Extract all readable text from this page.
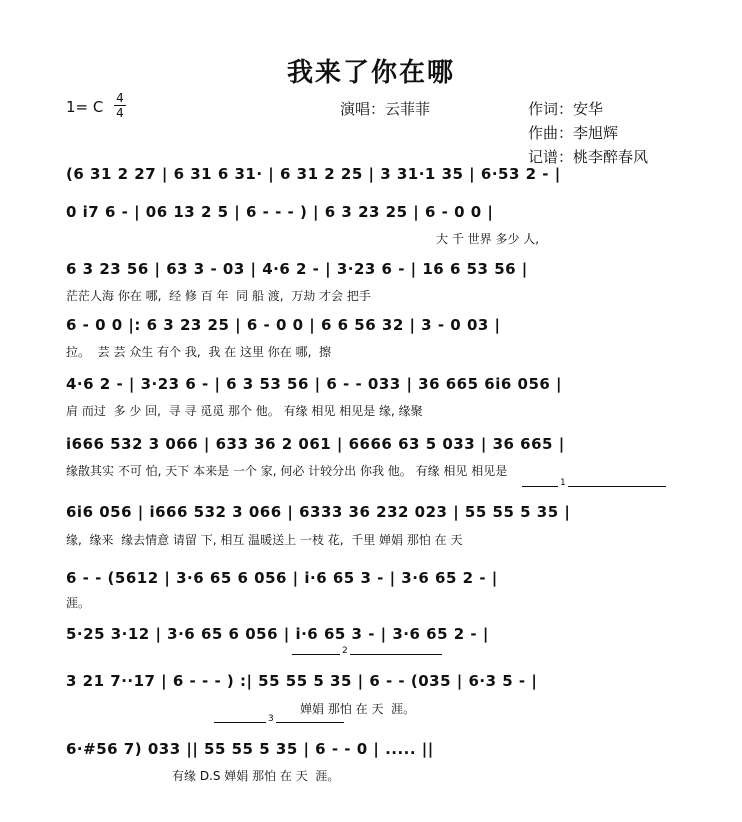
我来了你在哪
1= C 4
4	演唱：云菲菲	作词：安华
作曲：李旭辉
记谱：桃李醉春风
1
2
3
(6 31 2 27 | 6 31 6 31· | 6 31 2 25 | 3 31·1 35 | 6·53 2 - |
0 i7 6 - | 06 13 2 5 | 6 - - - ) | 6 3 23 25 | 6 - 0 0 |
大 千 世界 多少 人,
6 3 23 56 | 63 3 - 03 | 4·6 2 - | 3·23 6 - | 16 6 53 56 |
茫茫人海 你在 哪,  经 修 百 年  同 船 渡,  万劫 才会 把手
6 - 0 0 |: 6 3 23 25 | 6 - 0 0 | 6 6 56 32 | 3 - 0 03 |
拉。  芸 芸 众生 有个 我,  我 在 这里 你在 哪,  擦
4·6 2 - | 3·23 6 - | 6 3 53 56 | 6 - - 033 | 36 665 6i6 056 |
肩 而过  多 少 回,  寻 寻 觅觅 那个 他。 有缘 相见 相见是 缘, 缘聚
i666 532 3 066 | 633 36 2 061 | 6666 63 5 033 | 36 665 |
缘散其实 不可 怕, 天下 本来是 一个 家, 何必 计较分出 你我 他。 有缘 相见 相见是
6i6 056 | i666 532 3 066 | 6333 36 232 023 | 55 55 5 35 |
缘,  缘来  缘去情意 请留 下, 相互 温暖送上 一枝 花,  千里 婵娟 那怕 在 天
6 - - (5612 | 3·6 65 6 056 | i·6 65 3 - | 3·6 65 2 - |
涯。
5·25 3·12 | 3·6 65 6 056 | i·6 65 3 - | 3·6 65 2 - |
3 21 7··17 | 6 - - - ) :| 55 55 5 35 | 6 - - (035 | 6·3 5 - |
婵娟 那怕 在 天  涯。
6·#56 7) 033 || 55 55 5 35 | 6 - - 0 | ..... ||
有缘 D.S 婵娟 那怕 在 天  涯。
